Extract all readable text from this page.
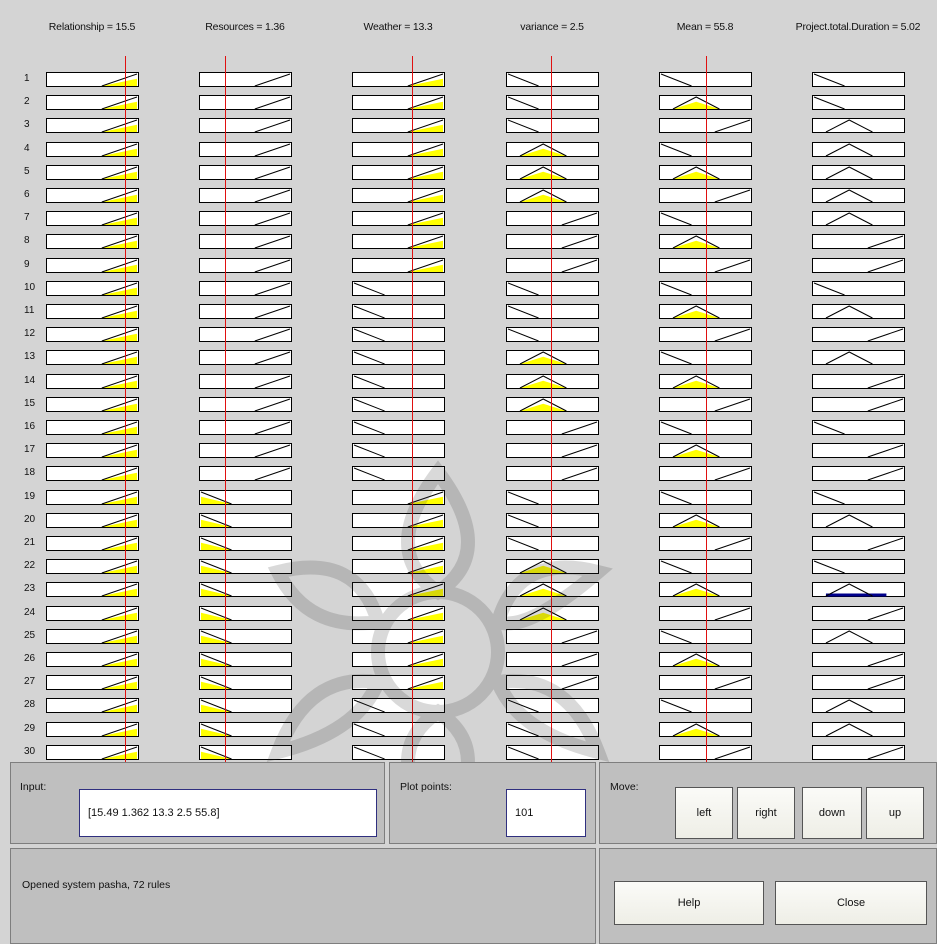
Relationship = 15.5	Resources = 1.36	Weather = 13.3	variance = 2.5	Mean = 55.8	Project.total.Duration = 5.02
1
2
3
4
5
6
7
8
9
10
11
12
13
14
15
16
17
18
19
20
21
22
23
24
25
26
27
28
29
30
Input:
[15.49 1.362 13.3 2.5 55.8]
Plot points:
101
Move:
left	right	down	up
Opened system pasha, 72 rules
Help	Close
